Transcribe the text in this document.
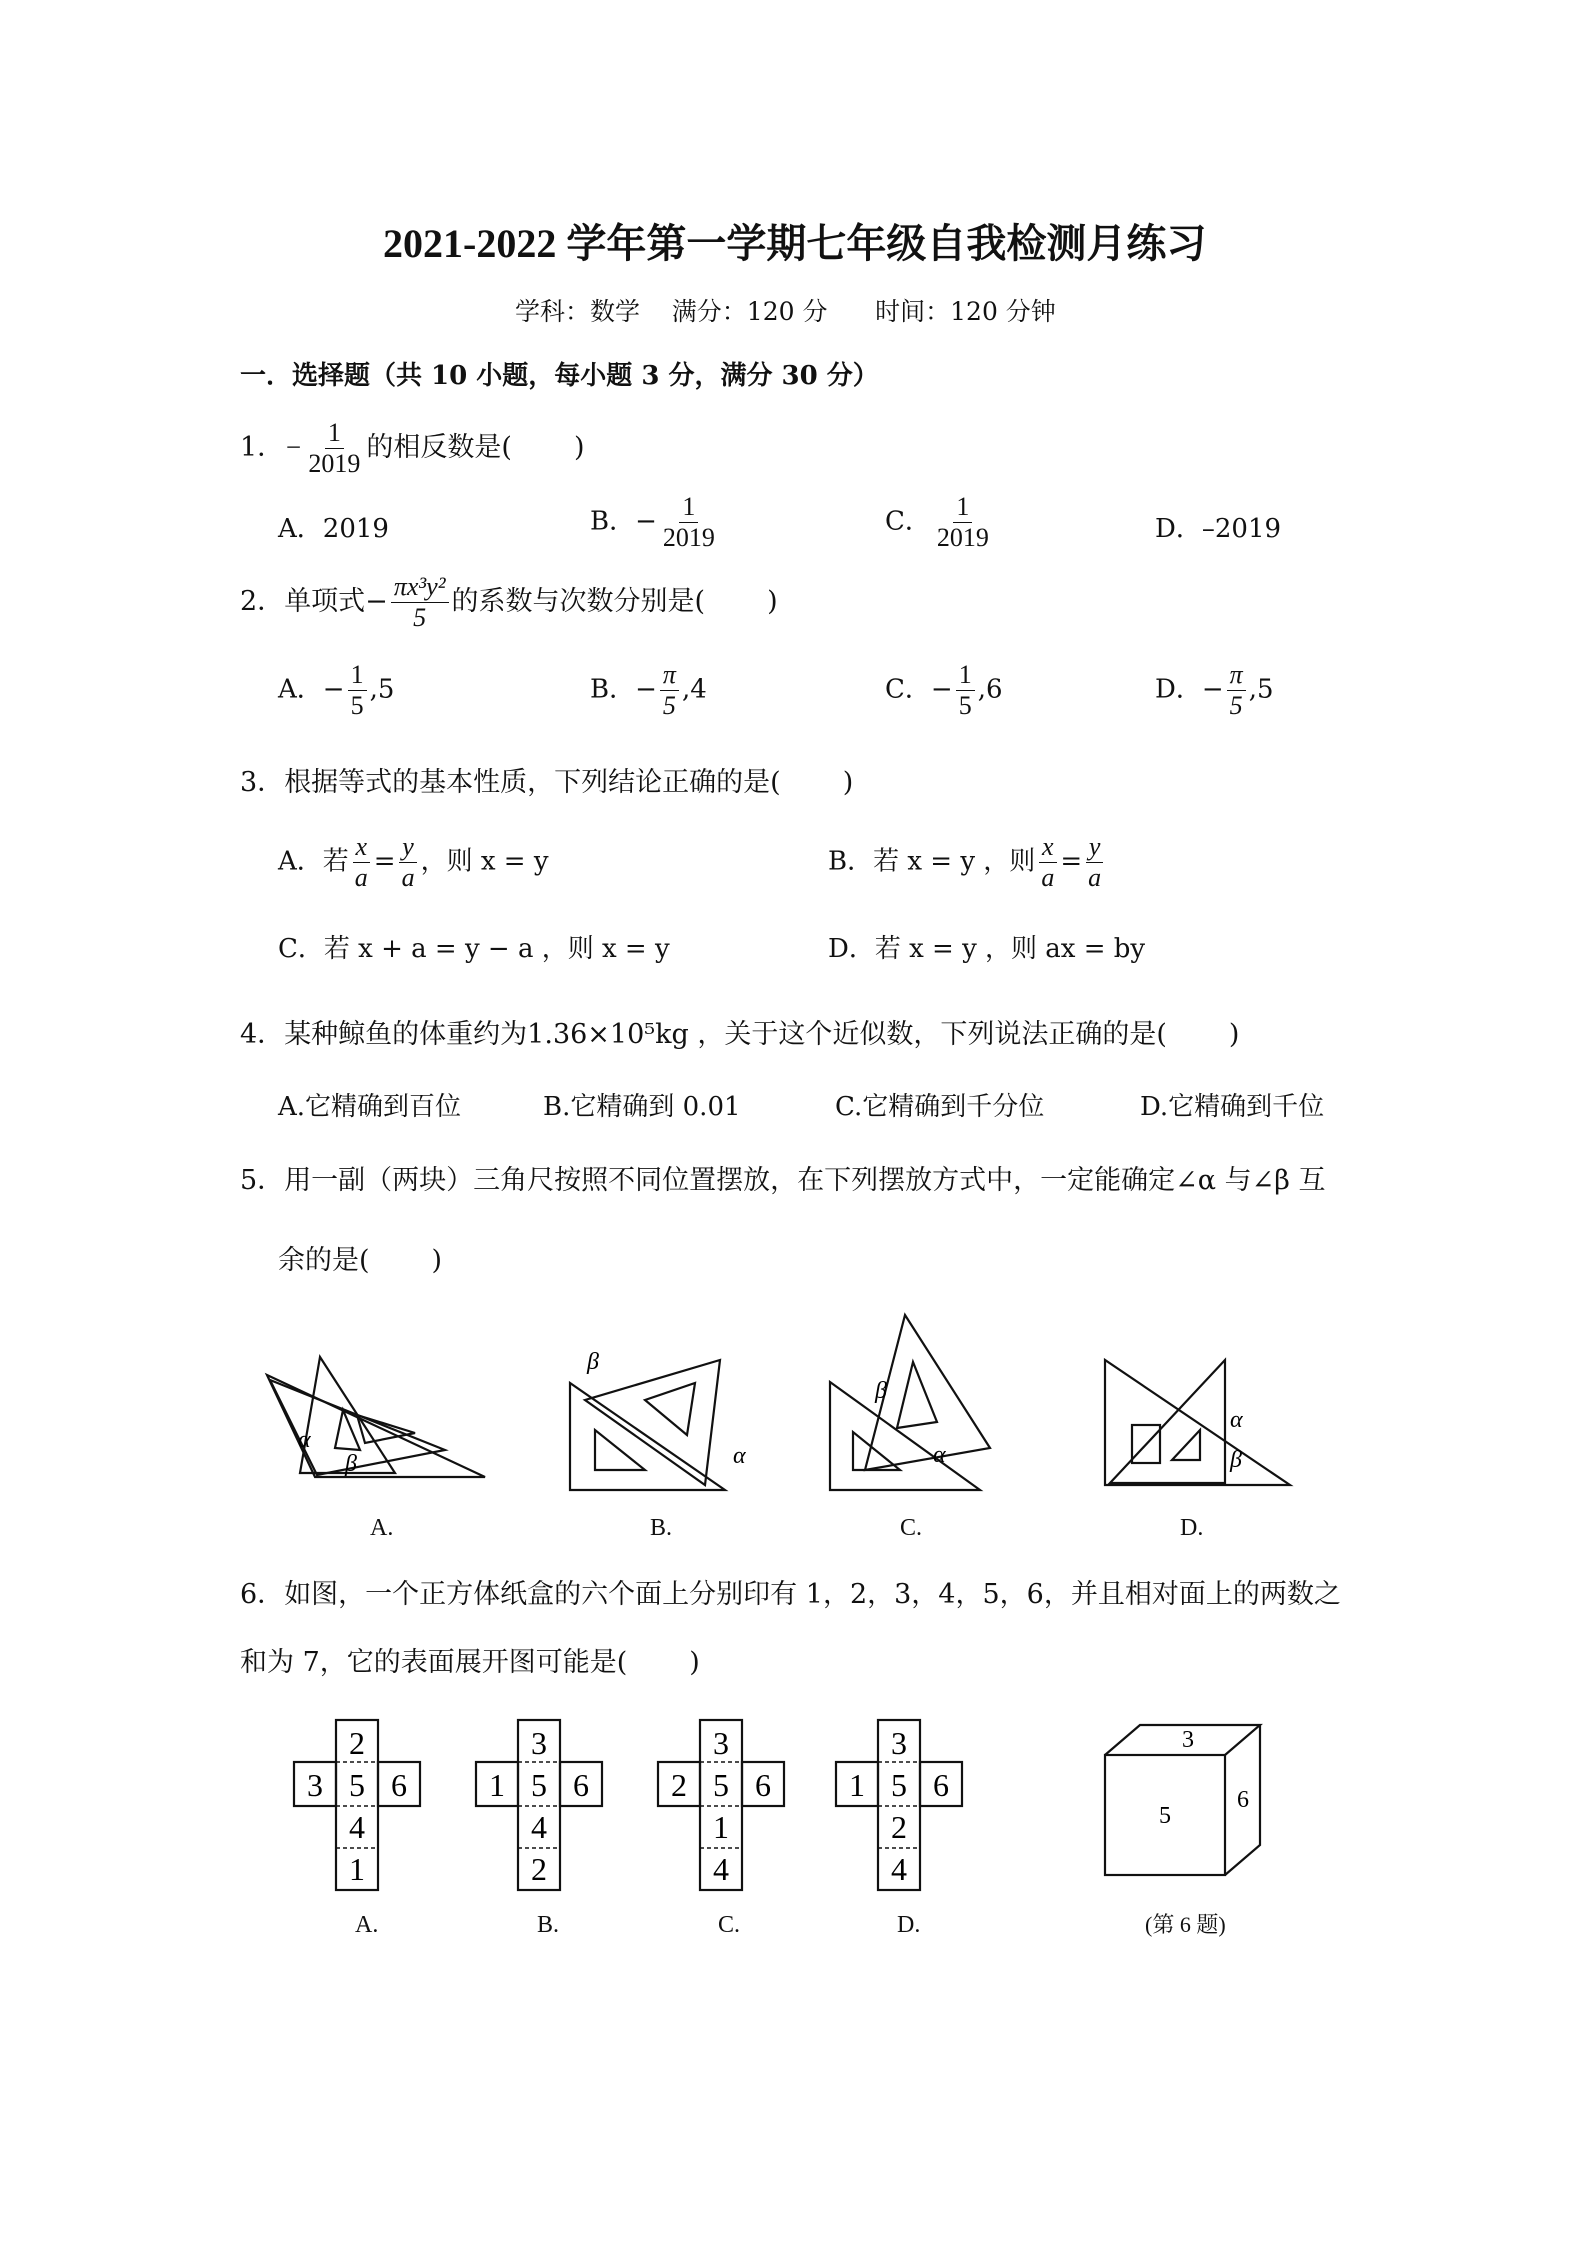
2021-2022 学年第一学期七年级自我检测月练习
学科：数学    满分：120 分      时间：120 分钟
一．选择题（共 10 小题，每小题 3 分，满分 30 分）
1．− $\frac{1}{2019}$ 的相反数是( )
A．2019	B．− $\frac{1}{2019}$	C． $\frac{1}{2019}$	D．–2019
2．单项式− $\frac{\text{πx³y²}}{5}$ 的系数与次数分别是( )
A．− $\frac{1}{5} ,5$	B．− $\frac{\pi}{5} ,4$	C．− $\frac{1}{5} ,6$	D．− $\frac{\pi}{5} ,5$
3．根据等式的基本性质，下列结论正确的是( )
A．若 $\frac{x}{a} = \frac{y}{a}$ ，则 x = y	B．若 x = y ，则 $\frac{x}{a} = \frac{y}{a}$
C．若 x + a = y − a ，则 x = y	D．若 x = y ，则 ax = by
4．某种鲸鱼的体重约为1.36×10⁵kg ，关于这个近似数，下列说法正确的是( )
A.它精确到百位	B.它精确到 0.01	C.它精确到千分位	D.它精确到千位
5．用一副（两块）三角尺按照不同位置摆放，在下列摆放方式中，一定能确定∠α 与∠β 互
余的是( )
α
β
β
α
β
α
α
β
A.	B.	C.	D.
6．如图，一个正方体纸盒的六个面上分别印有 1，2，3，4，5，6，并且相对面上的两数之
和为 7，它的表面展开图可能是( )
2
3 5 6
4
1
3
1 5 6
4
2
3
2 5 6
1
4
3
1 5 6
2
4
3
5
6
A.	B.	C.	D.	(第 6 题)
